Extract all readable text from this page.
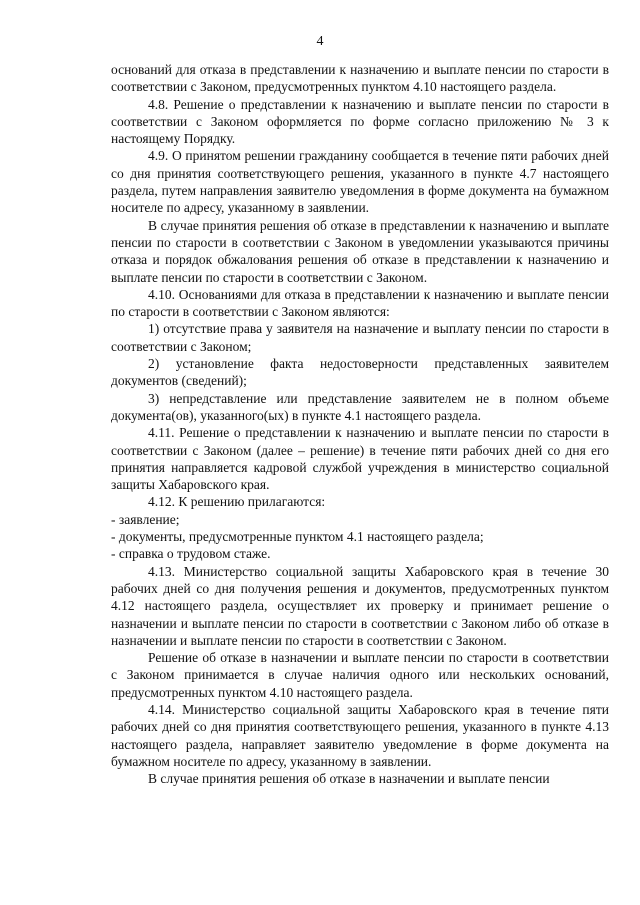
4

оснований для отказа в представлении к назначению и выплате пенсии по старости в соответствии с Законом, предусмотренных пунктом 4.10 настоящего раздела.

4.8. Решение о представлении к назначению и выплате пенсии по старости в соответствии с Законом оформляется по форме согласно приложению № 3 к настоящему Порядку.

4.9. О принятом решении гражданину сообщается в течение пяти рабочих дней со дня принятия соответствующего решения, указанного в пункте 4.7 настоящего раздела, путем направления заявителю уведомления в форме документа на бумажном носителе по адресу, указанному в заявлении.

В случае принятия решения об отказе в представлении к назначению и выплате пенсии по старости в соответствии с Законом в уведомлении указываются причины отказа и порядок обжалования решения об отказе в представлении к назначению и выплате пенсии по старости в соответствии с Законом.

4.10. Основаниями для отказа в представлении к назначению и выплате пенсии по старости в соответствии с Законом являются:

1) отсутствие права у заявителя на назначение и выплату пенсии по старости в соответствии с Законом;

2) установление факта недостоверности представленных заявителем документов (сведений);

3) непредставление или представление заявителем не в полном объеме документа(ов), указанного(ых) в пункте 4.1 настоящего раздела.

4.11. Решение о представлении к назначению и выплате пенсии по старости в соответствии с Законом (далее – решение) в течение пяти рабочих дней со дня его принятия направляется кадровой службой учреждения в министерство социальной защиты Хабаровского края.

4.12. К решению прилагаются:

- заявление;

- документы, предусмотренные пунктом 4.1 настоящего раздела;

- справка о трудовом стаже.

4.13. Министерство социальной защиты Хабаровского края в течение 30 рабочих дней со дня получения решения и документов, предусмотренных пунктом 4.12 настоящего раздела, осуществляет их проверку и принимает решение о назначении и выплате пенсии по старости в соответствии с Законом либо об отказе в назначении и выплате пенсии по старости в соответствии с Законом.

Решение об отказе в назначении и выплате пенсии по старости в соответствии с Законом принимается в случае наличия одного или нескольких оснований, предусмотренных пунктом 4.10 настоящего раздела.

4.14. Министерство социальной защиты Хабаровского края в течение пяти рабочих дней со дня принятия соответствующего решения, указанного в пункте 4.13 настоящего раздела, направляет заявителю уведомление в форме документа на бумажном носителе по адресу, указанному в заявлении.

В случае принятия решения об отказе в назначении и выплате пенсии
